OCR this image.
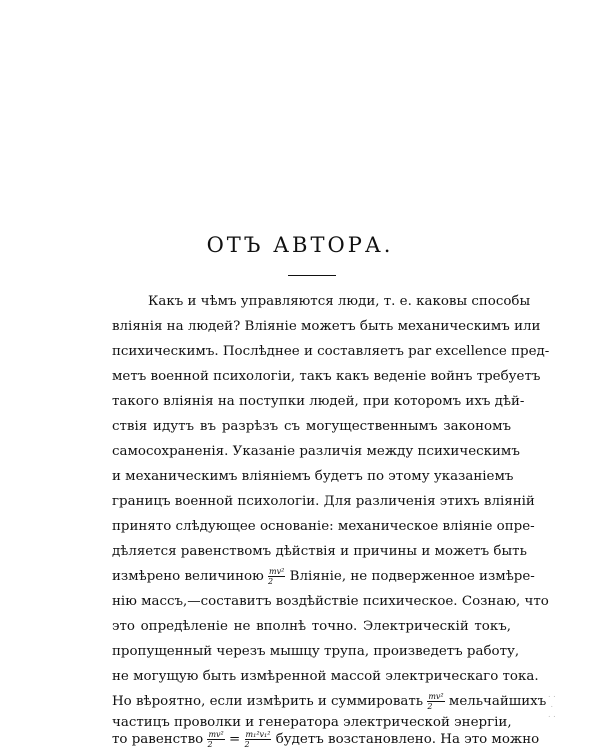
ОТЪ АВТОРА.
Какъ и чѣмъ управляются люди, т. е. каковы способы
вліянія на людей? Вліяніе можетъ быть механическимъ или
психическимъ. Послѣднее и составляетъ par excellence пред-
метъ военной психологіи, такъ какъ веденіе войнъ требуетъ
такого вліянія на поступки людей, при которомъ ихъ дѣй-
ствія идутъ въ разрѣзъ съ могущественнымъ закономъ
самосохраненія. Указаніе различія между психическимъ
и механическимъ вліяніемъ будетъ по этому указаніемъ
границъ военной психологіи. Для различенія этихъ вліяній
принято слѣдующее основаніе: механическое вліяніе опре-
дѣляется равенствомъ дѣйствія и причины и можетъ быть
измѣрено величиною $\frac{\text{mv²}}{2}$ Вліяніе, не подверженное измѣре-
нію массъ,—составитъ воздѣйствіе психическое. Сознаю, что
это опредѣленіе не вполнѣ точно. Электрическій токъ,
пропущенный черезъ мышцу трупа, произведетъ работу,
не могущую быть измѣренной массой электрическаго тока.
Но вѣроятно, если измѣрить и суммировать $\frac{\text{mv²}}{2}$ мельчайшихъ
частицъ проволки и генератора электрической энергіи,
то равенство $\frac{\text{mv²}}{2} = \frac{\text{m₁²v₁²}}{2}$ будетъ возстановлено. На это можно
. .
.
. .
